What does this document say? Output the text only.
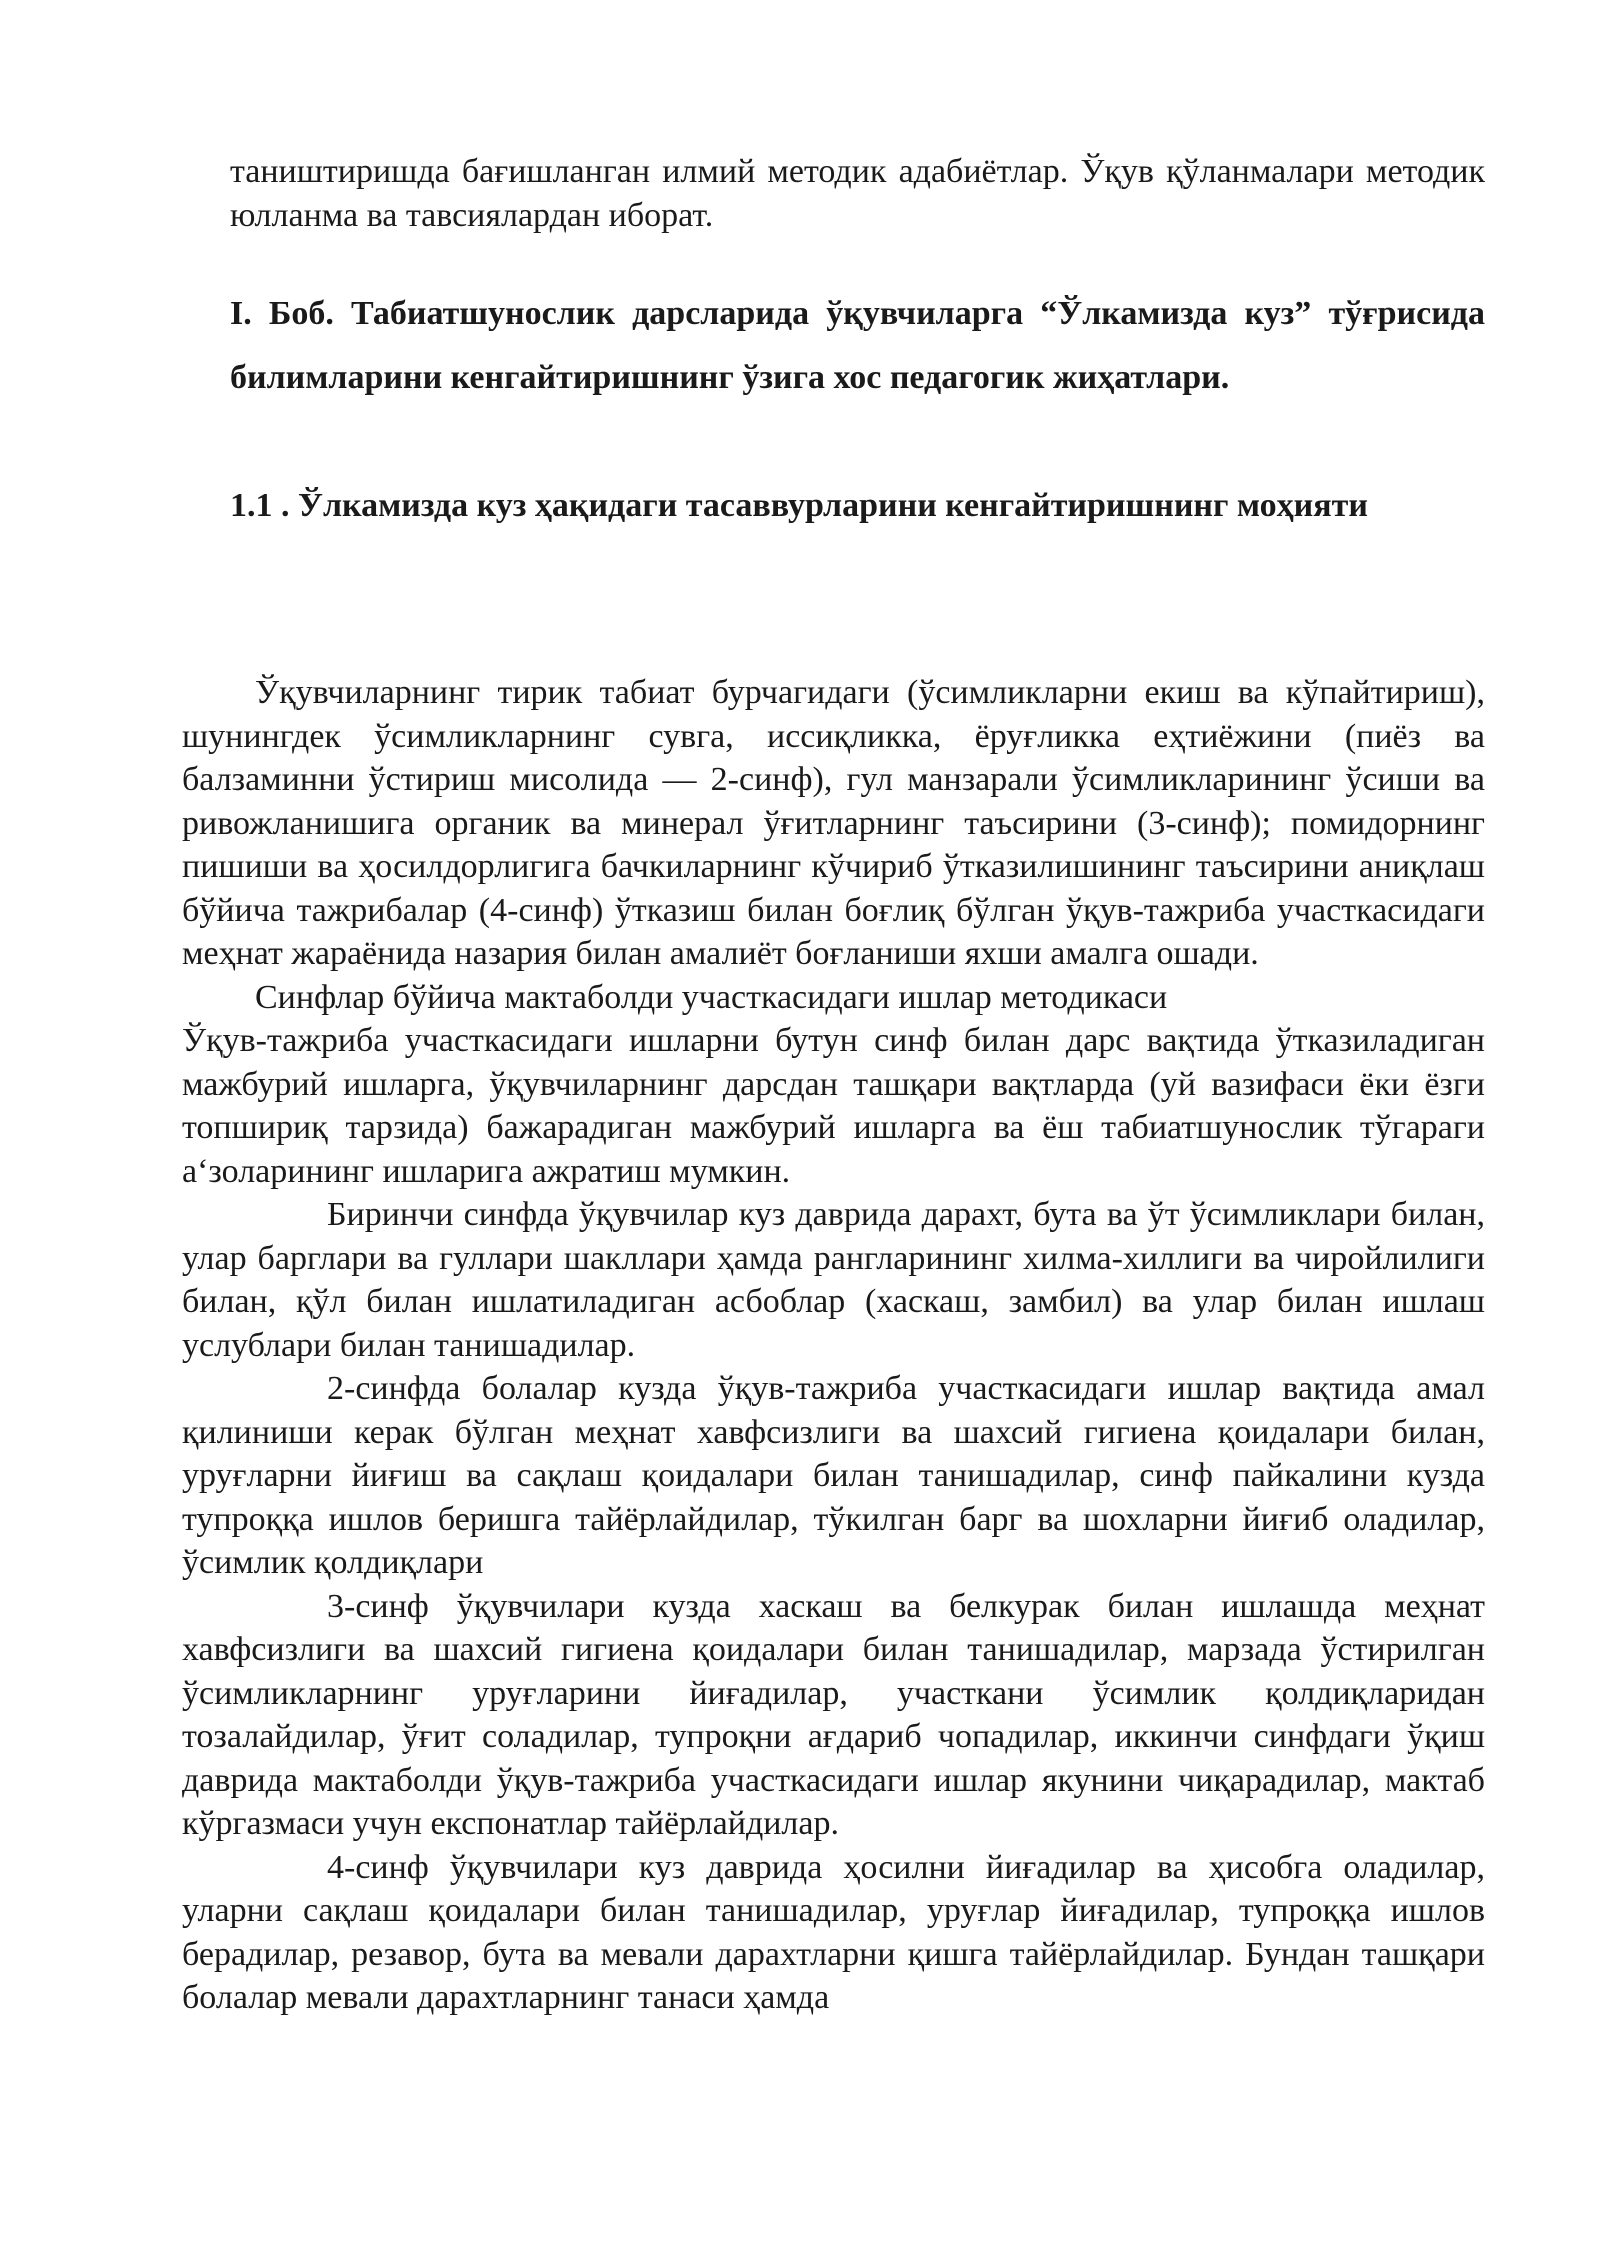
таништиришда бағишланган илмий методик адабиётлар. Ўқув қўланмалари методик юлланма ва тавсиялардан иборат.

I. Боб. Табиатшунослик дарсларида ўқувчиларга “Ўлкамизда куз” тўғрисида билимларини кенгайтиришнинг ўзига хос педагогик жиҳатлари.
1.1 . Ўлкамизда куз ҳақидаги тасаввурларини кенгайтиришнинг моҳияти

Ўқувчиларнинг тирик табиат бурчагидаги (ўсимликларни екиш ва кўпайтириш), шунингдек ўсимликларнинг сувга, иссиқликка, ёруғликка еҳтиёжини (пиёз ва балзаминни ўстириш мисолида — 2-синф), гул манзарали ўсимликларининг ўсиши ва ривожланишига органик ва минерал ўғитларнинг таъсирини (3-синф); помидорнинг пишиши ва ҳосилдорлигига бачкиларнинг кўчириб ўтказилишининг таъсирини аниқлаш бўйича тажрибалар (4-синф) ўтказиш билан боғлиқ бўлган ўқув-тажриба участкасидаги меҳнат жараёнида назария билан амалиёт боғланиши яхши амалга ошади.

Синфлар бўйича мактаболди участкасидаги ишлар методикаси

Ўқув-тажриба участкасидаги ишларни бутун синф билан дарс вақтида ўтказиладиган мажбурий ишларга, ўқувчиларнинг дарсдан ташқари вақтларда (уй вазифаси ёки ёзги топшириқ тарзида) бажарадиган мажбурий ишларга ва ёш табиатшунослик тўгараги аʻзоларининг ишларига ажратиш мумкин.

Биринчи синфда ўқувчилар куз даврида дарахт, бута ва ўт ўсимликлари билан, улар барглари ва гуллари шакллари ҳамда рангларининг хилма-хиллиги ва чиройлилиги билан, қўл билан ишлатиладиган асбоблар (хаскаш, замбил) ва улар билан ишлаш услублари билан танишадилар.

2-синфда болалар кузда ўқув-тажриба участкасидаги ишлар вақтида амал қилиниши керак бўлган меҳнат хавфсизлиги ва шахсий гигиена қоидалари билан, уруғларни йиғиш ва сақлаш қоидалари билан танишадилар, синф пайкалини кузда тупроққа ишлов беришга тайёрлайдилар, тўкилган барг ва шохларни йиғиб оладилар, ўсимлик қолдиқлари

3-синф ўқувчилари кузда хаскаш ва белкурак билан ишлашда меҳнат хавфсизлиги ва шахсий гигиена қоидалари билан танишадилар, марзада ўстирилган ўсимликларнинг уруғларини йиғадилар, участкани ўсимлик қолдиқларидан тозалайдилар, ўғит соладилар, тупроқни ағдариб чопадилар, иккинчи синфдаги ўқиш даврида мактаболди ўқув-тажриба участкасидаги ишлар якунини чиқарадилар, мактаб кўргазмаси учун експонатлар тайёрлайдилар.

4-синф ўқувчилари куз даврида ҳосилни йиғадилар ва ҳисобга оладилар, уларни сақлаш қоидалари билан танишадилар, уруғлар йиғадилар, тупроққа ишлов берадилар, резавор, бута ва мевали дарахтларни қишга тайёрлайдилар. Бундан ташқари болалар мевали дарахтларнинг танаси ҳамда
